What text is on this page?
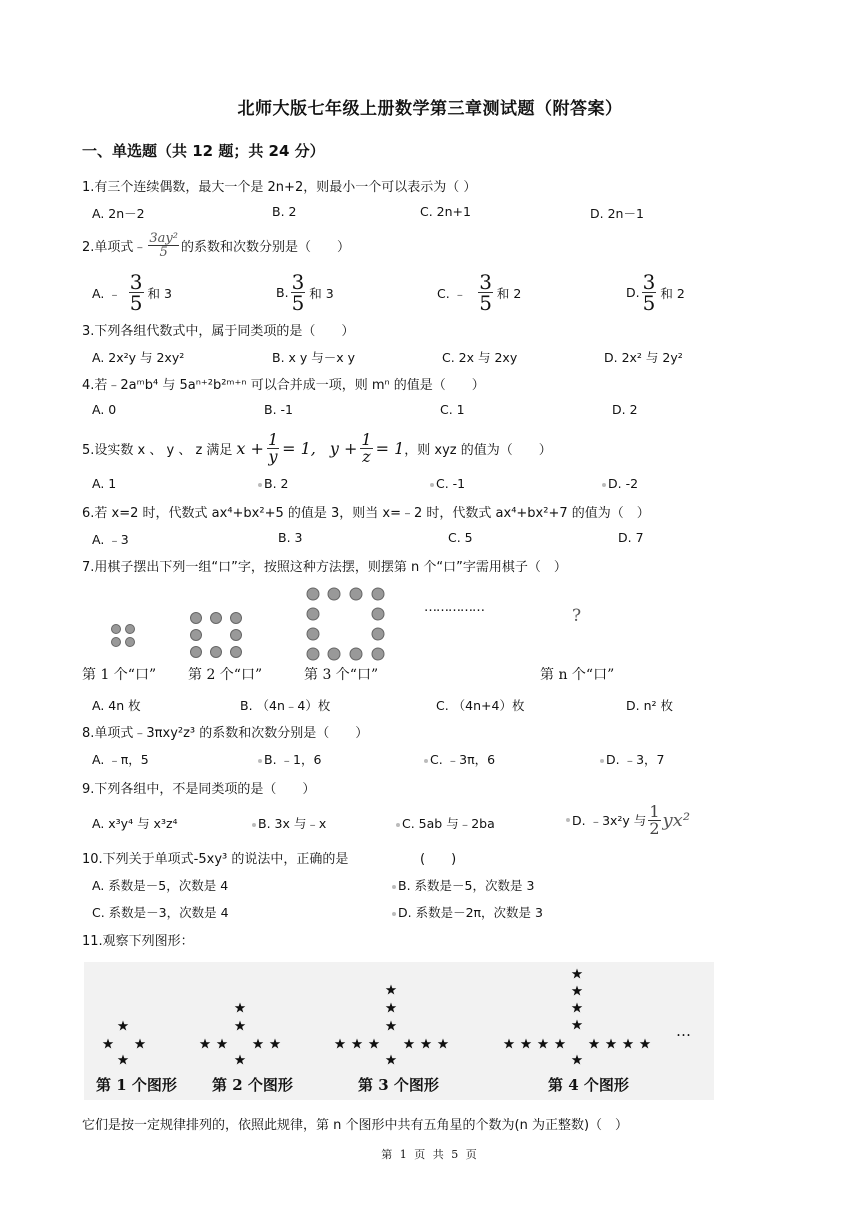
北师大版七年级上册数学第三章测试题（附答案）
一、单选题（共 12 题；共 24 分）
1.有三个连续偶数，最大一个是 2n+2，则最小一个可以表示为（ ）
A. 2n－2	B. 2	C. 2n+1	D. 2n－1
2.单项式﹣ $\frac{\text{3ay²}}{5}$ 的系数和次数分别是（　　）
A. ﹣ $\frac{3}{5}$ 和 3	B. $\frac{3}{5}$ 和 3	C. ﹣ $\frac{3}{5}$ 和 2	D. $\frac{3}{5}$ 和 2
3.下列各组代数式中，属于同类项的是（　　）
A. 2x²y 与 2xy²	B. x y 与－x y	C. 2x 与 2xy	D. 2x² 与 2y²
4.若﹣2aᵐb⁴ 与 5aⁿ⁺²b²ᵐ⁺ⁿ 可以合并成一项，则 mⁿ 的值是（　　）
A. 0	B. -1	C. 1	D. 2
5.设实数 x 、 y 、 z 满足 $x + \frac{1}{y} = 1$, $y + \frac{1}{z} = 1$ ，则 xyz 的值为（　　）
A. 1	B. 2	C. -1	D. -2
6.若 x=2 时，代数式 ax⁴+bx²+5 的值是 3，则当 x=﹣2 时，代数式 ax⁴+bx²+7 的值为（　）
A. ﹣3	B. 3	C. 5	D. 7
7.用棋子摆出下列一组“口”字，按照这种方法摆，则摆第 n 个“口”字需用棋子（　）
……………	?
第 1 个“口” 第 2 个“口”	第 3 个“口”	第 n 个“口”
A. 4n 枚	B. （4n﹣4）枚	C. （4n+4）枚	D. n² 枚
8.单项式﹣3πxy²z³ 的系数和次数分别是（　　）
A. ﹣π，5	B. ﹣1，6	C. ﹣3π，6	D. ﹣3，7
9.下列各组中，不是同类项的是（　　）
A. x³y⁴ 与 x³z⁴	B. 3x 与﹣x	C. 5ab 与﹣2ba	D. ﹣3x²y 与 $\frac{1}{2} yx^2$
10.下列关于单项式-5xy³ 的说法中，正确的是	(　　)
A. 系数是－5，次数是 4	B. 系数是－5，次数是 3
C. 系数是－3，次数是 4	D. 系数是－2π，次数是 3
11.观察下列图形：
第 1 个图形 第 2 个图形	第 3 个图形	第 4 个图形
…
它们是按一定规律排列的，依照此规律，第 n 个图形中共有五角星的个数为(n 为正整数)（　）
第 1 页 共 5 页
